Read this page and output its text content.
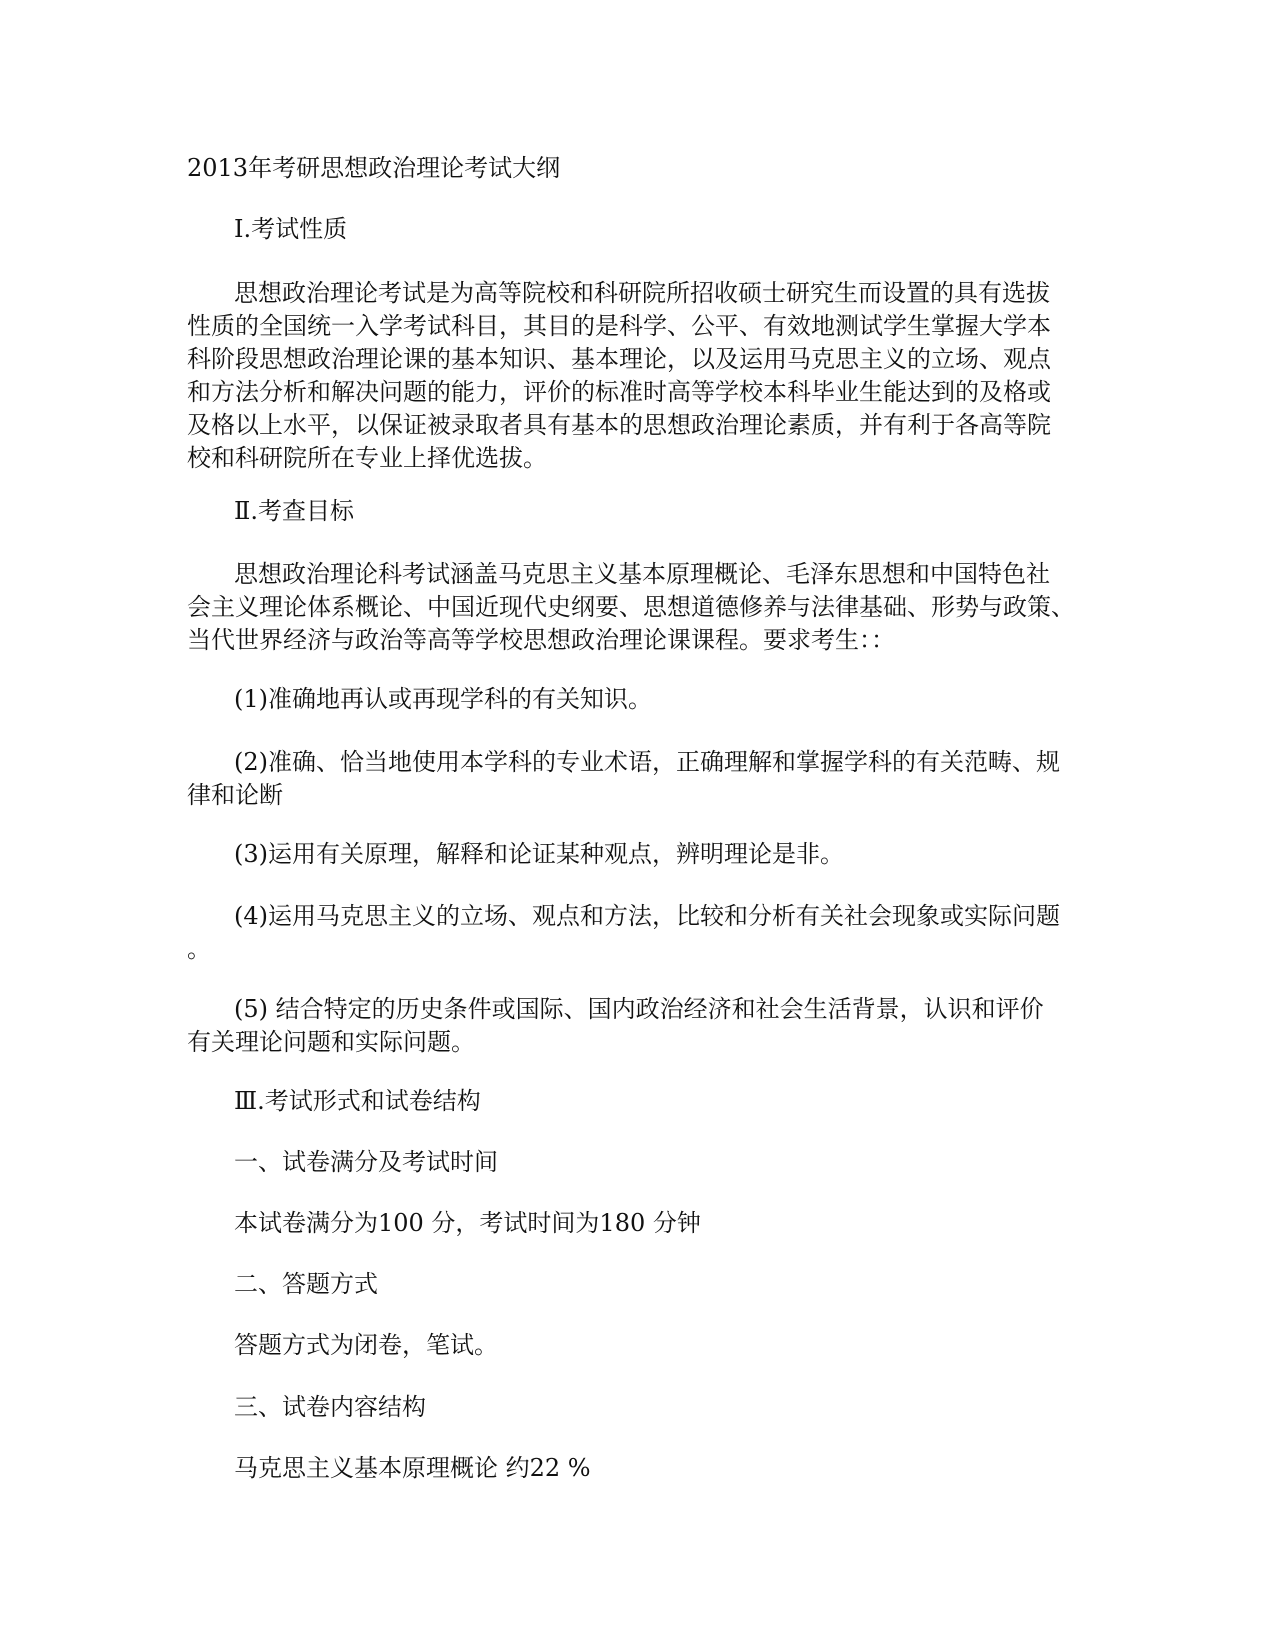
2013年考研思想政治理论考试大纲

Ⅰ.考试性质

思想政治理论考试是为高等院校和科研院所招收硕士研究生而设置的具有选拔
性质的全国统一入学考试科目，其目的是科学、公平、有效地测试学生掌握大学本
科阶段思想政治理论课的基本知识、基本理论，以及运用马克思主义的立场、观点
和方法分析和解决问题的能力，评价的标准时高等学校本科毕业生能达到的及格或
及格以上水平，以保证被录取者具有基本的思想政治理论素质，并有利于各高等院
校和科研院所在专业上择优选拔。

Ⅱ.考查目标

思想政治理论科考试涵盖马克思主义基本原理概论、毛泽东思想和中国特色社
会主义理论体系概论、中国近现代史纲要、思想道德修养与法律基础、形势与政策、
当代世界经济与政治等高等学校思想政治理论课课程。要求考生：：

(1)准确地再认或再现学科的有关知识。

(2)准确、恰当地使用本学科的专业术语，正确理解和掌握学科的有关范畴、规
律和论断

(3)运用有关原理，解释和论证某种观点，辨明理论是非。

(4)运用马克思主义的立场、观点和方法，比较和分析有关社会现象或实际问题
。
(5) 结合特定的历史条件或国际、国内政治经济和社会生活背景，认识和评价
有关理论问题和实际问题。

Ⅲ.考试形式和试卷结构

一、试卷满分及考试时间

本试卷满分为100 分，考试时间为180 分钟

二、答题方式

答题方式为闭卷，笔试。

三、试卷内容结构

马克思主义基本原理概论 约22 %
